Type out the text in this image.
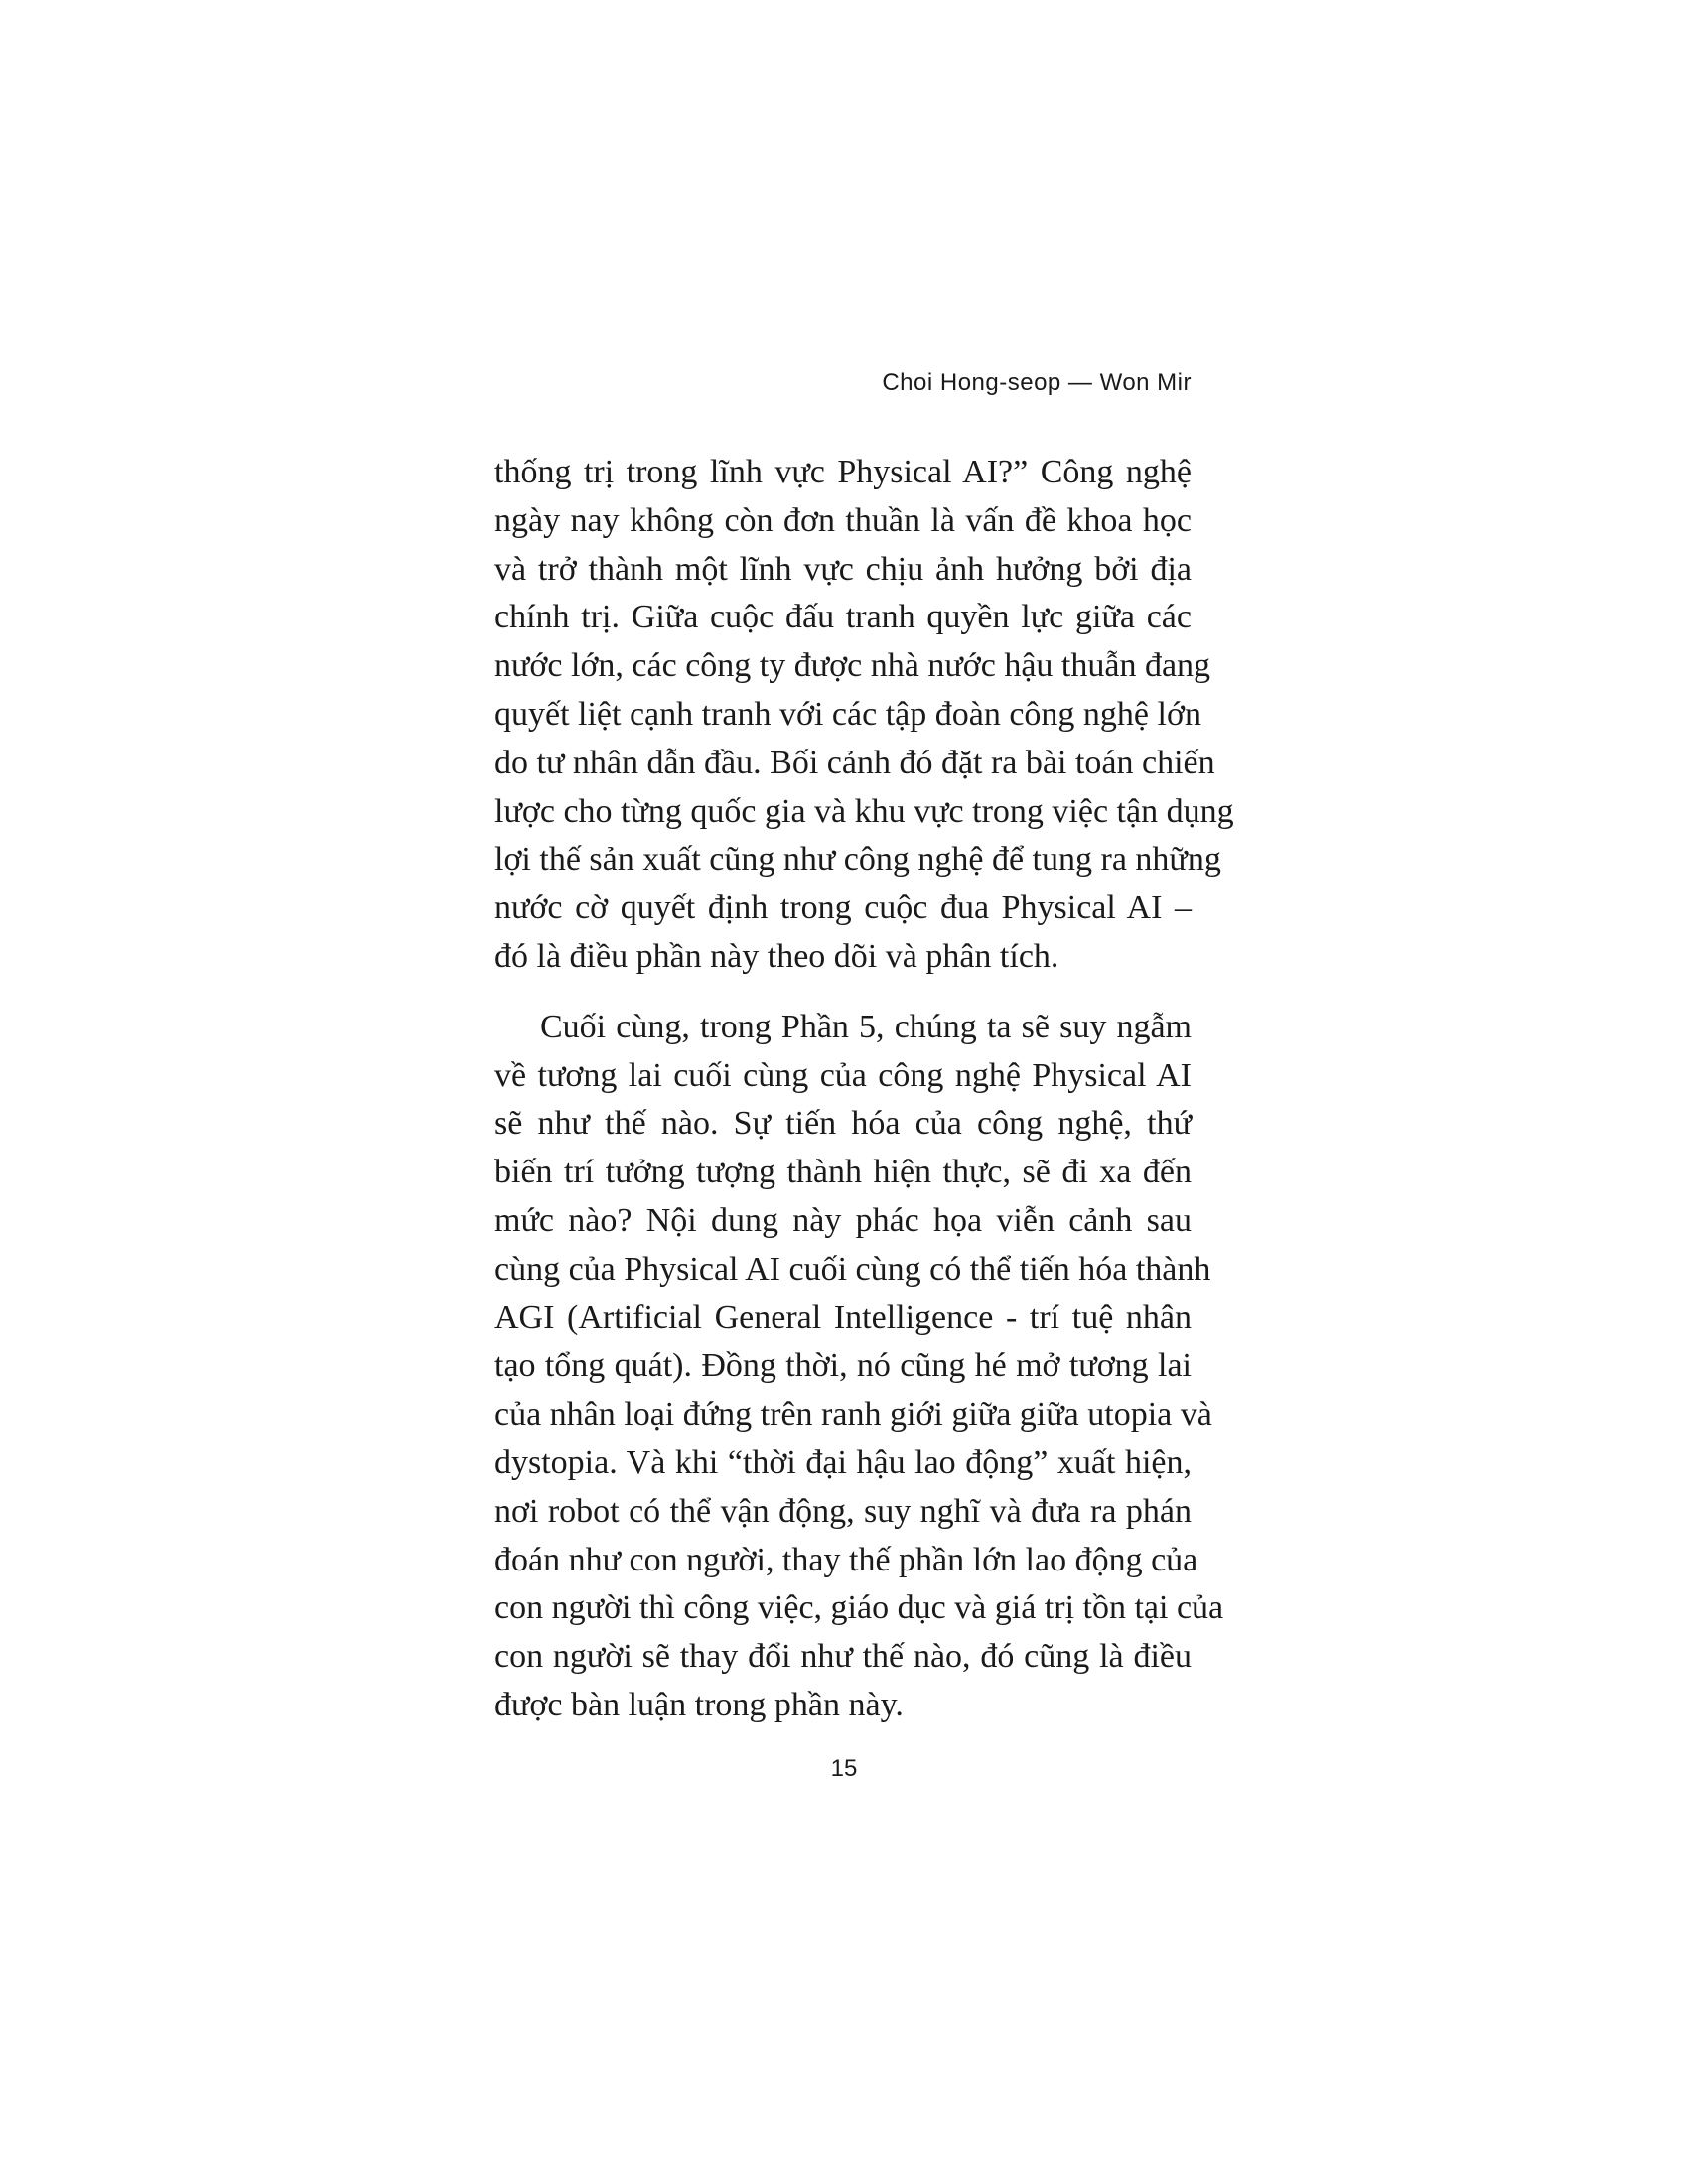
Choi Hong-seop — Won Mir
thống trị trong lĩnh vực Physical AI?” Công nghệ
ngày nay không còn đơn thuần là vấn đề khoa học
và trở thành một lĩnh vực chịu ảnh hưởng bởi địa
chính trị. Giữa cuộc đấu tranh quyền lực giữa các
nước lớn, các công ty được nhà nước hậu thuẫn đang
quyết liệt cạnh tranh với các tập đoàn công nghệ lớn
do tư nhân dẫn đầu. Bối cảnh đó đặt ra bài toán chiến
lược cho từng quốc gia và khu vực trong việc tận dụng
lợi thế sản xuất cũng như công nghệ để tung ra những
nước cờ quyết định trong cuộc đua Physical AI –
đó là điều phần này theo dõi và phân tích.
Cuối cùng, trong Phần 5, chúng ta sẽ suy ngẫm
về tương lai cuối cùng của công nghệ Physical AI
sẽ như thế nào. Sự tiến hóa của công nghệ, thứ
biến trí tưởng tượng thành hiện thực, sẽ đi xa đến
mức nào? Nội dung này phác họa viễn cảnh sau
cùng của Physical AI cuối cùng có thể tiến hóa thành
AGI (Artificial General Intelligence - trí tuệ nhân
tạo tổng quát). Đồng thời, nó cũng hé mở tương lai
của nhân loại đứng trên ranh giới giữa giữa utopia và
dystopia. Và khi “thời đại hậu lao động” xuất hiện,
nơi robot có thể vận động, suy nghĩ và đưa ra phán
đoán như con người, thay thế phần lớn lao động của
con người thì công việc, giáo dục và giá trị tồn tại của
con người sẽ thay đổi như thế nào, đó cũng là điều
được bàn luận trong phần này.
15
